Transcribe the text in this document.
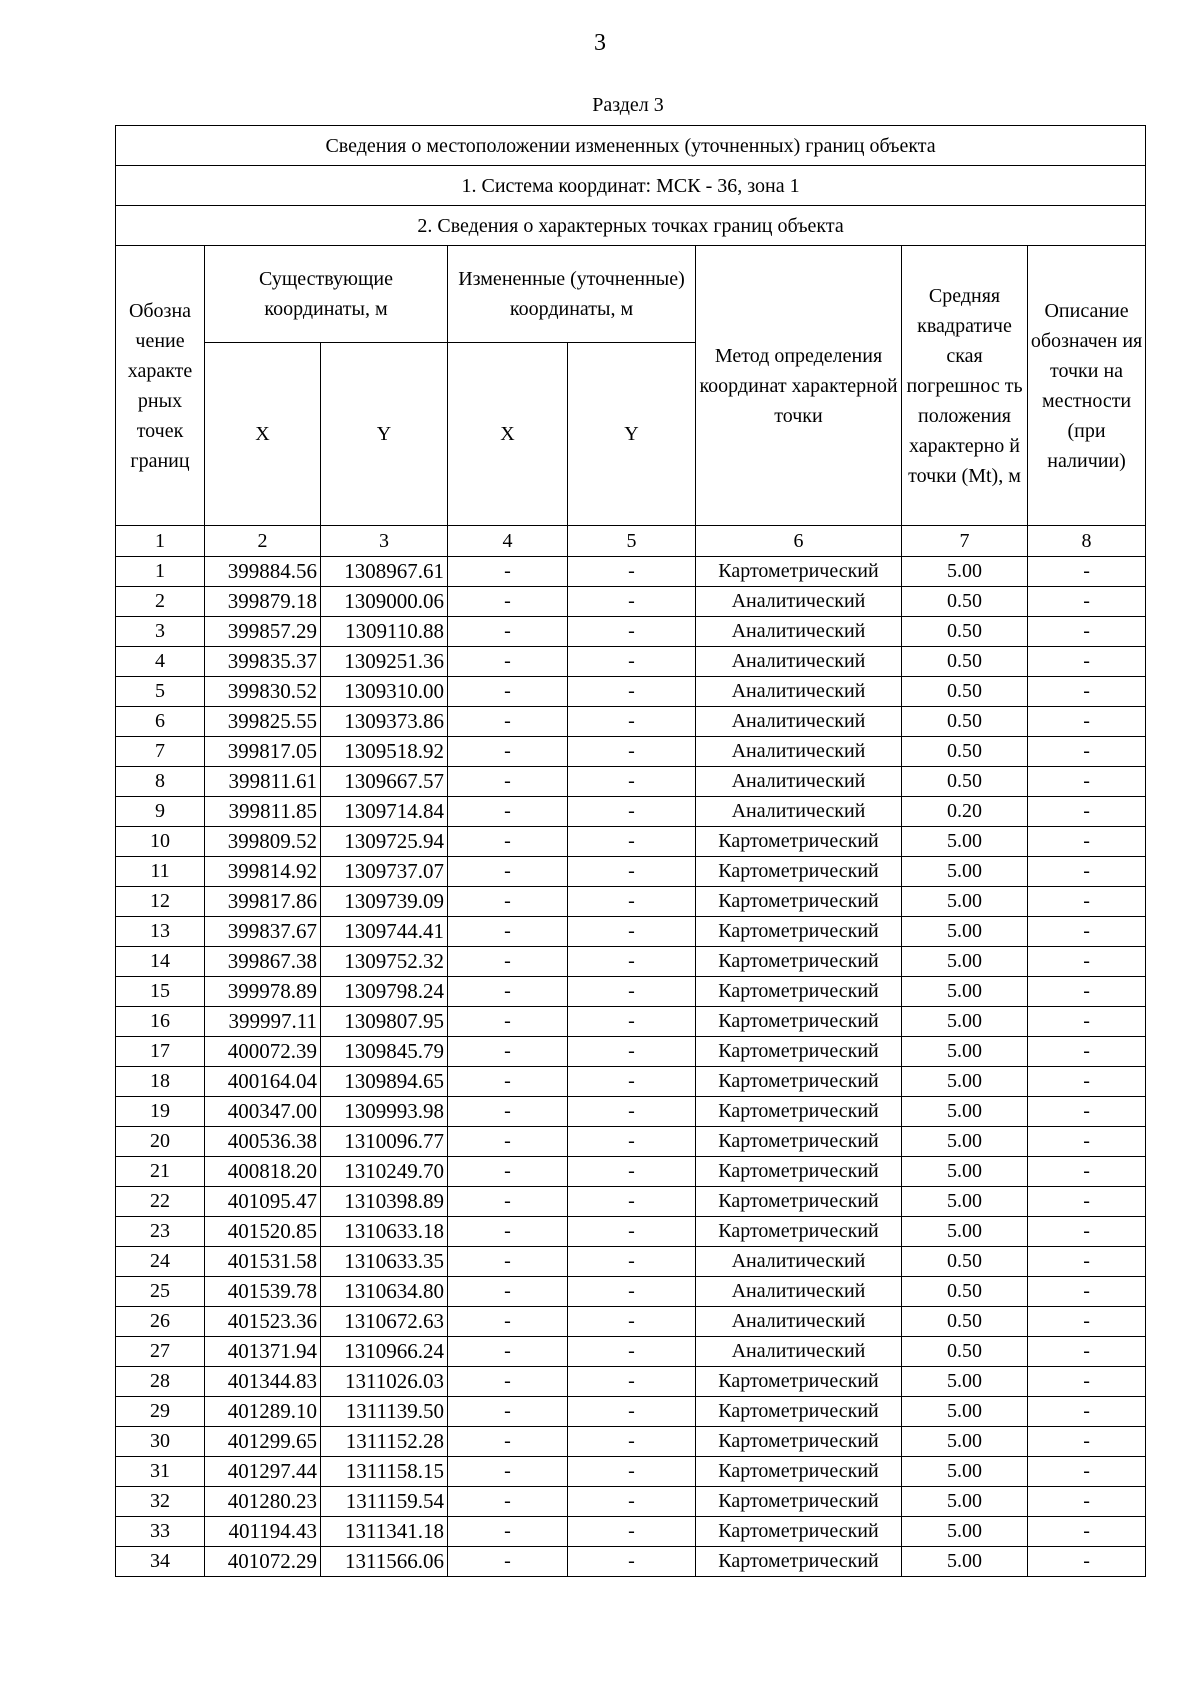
3
Раздел 3
Сведения о местоположении измененных (уточненных) границ объекта							
1. Система координат: МСК - 36, зона 1							
2. Сведения о характерных точках границ объекта							
Обозна чение характе рных точек границ	Существующие координаты, м		Измененные (уточненные) координаты, м		Метод определения координат характерной точки	Средняя квадратиче ская погрешнос ть положения характерно й точки (Mt), м	Описание обозначен ия точки на местности (при наличии)
	X	Y	X	Y			
1	2	3	4	5	6	7	8
1	399884.56	1308967.61	-	-	Картометрический	5.00	-
2	399879.18	1309000.06	-	-	Аналитический	0.50	-
3	399857.29	1309110.88	-	-	Аналитический	0.50	-
4	399835.37	1309251.36	-	-	Аналитический	0.50	-
5	399830.52	1309310.00	-	-	Аналитический	0.50	-
6	399825.55	1309373.86	-	-	Аналитический	0.50	-
7	399817.05	1309518.92	-	-	Аналитический	0.50	-
8	399811.61	1309667.57	-	-	Аналитический	0.50	-
9	399811.85	1309714.84	-	-	Аналитический	0.20	-
10	399809.52	1309725.94	-	-	Картометрический	5.00	-
11	399814.92	1309737.07	-	-	Картометрический	5.00	-
12	399817.86	1309739.09	-	-	Картометрический	5.00	-
13	399837.67	1309744.41	-	-	Картометрический	5.00	-
14	399867.38	1309752.32	-	-	Картометрический	5.00	-
15	399978.89	1309798.24	-	-	Картометрический	5.00	-
16	399997.11	1309807.95	-	-	Картометрический	5.00	-
17	400072.39	1309845.79	-	-	Картометрический	5.00	-
18	400164.04	1309894.65	-	-	Картометрический	5.00	-
19	400347.00	1309993.98	-	-	Картометрический	5.00	-
20	400536.38	1310096.77	-	-	Картометрический	5.00	-
21	400818.20	1310249.70	-	-	Картометрический	5.00	-
22	401095.47	1310398.89	-	-	Картометрический	5.00	-
23	401520.85	1310633.18	-	-	Картометрический	5.00	-
24	401531.58	1310633.35	-	-	Аналитический	0.50	-
25	401539.78	1310634.80	-	-	Аналитический	0.50	-
26	401523.36	1310672.63	-	-	Аналитический	0.50	-
27	401371.94	1310966.24	-	-	Аналитический	0.50	-
28	401344.83	1311026.03	-	-	Картометрический	5.00	-
29	401289.10	1311139.50	-	-	Картометрический	5.00	-
30	401299.65	1311152.28	-	-	Картометрический	5.00	-
31	401297.44	1311158.15	-	-	Картометрический	5.00	-
32	401280.23	1311159.54	-	-	Картометрический	5.00	-
33	401194.43	1311341.18	-	-	Картометрический	5.00	-
34	401072.29	1311566.06	-	-	Картометрический	5.00	-
